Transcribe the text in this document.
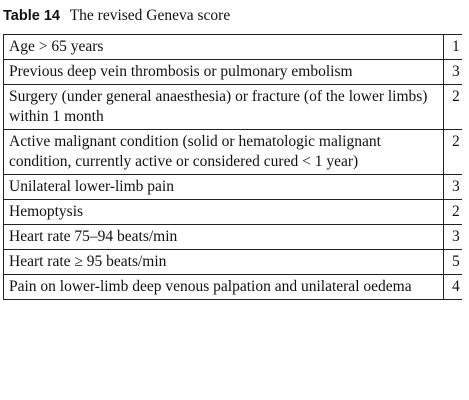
Table 14 The revised Geneva score
Age > 65 years	1
Previous deep vein thrombosis or pulmonary embolism	3
Surgery (under general anaesthesia) or fracture (of the lower limbs) within 1 month	2
Active malignant condition (solid or hematologic malignant condition, currently active or considered cured < 1 year)	2
Unilateral lower-limb pain	3
Hemoptysis	2
Heart rate 75–94 beats/min	3
Heart rate ≥ 95 beats/min	5
Pain on lower-limb deep venous palpation and unilateral oedema	4
